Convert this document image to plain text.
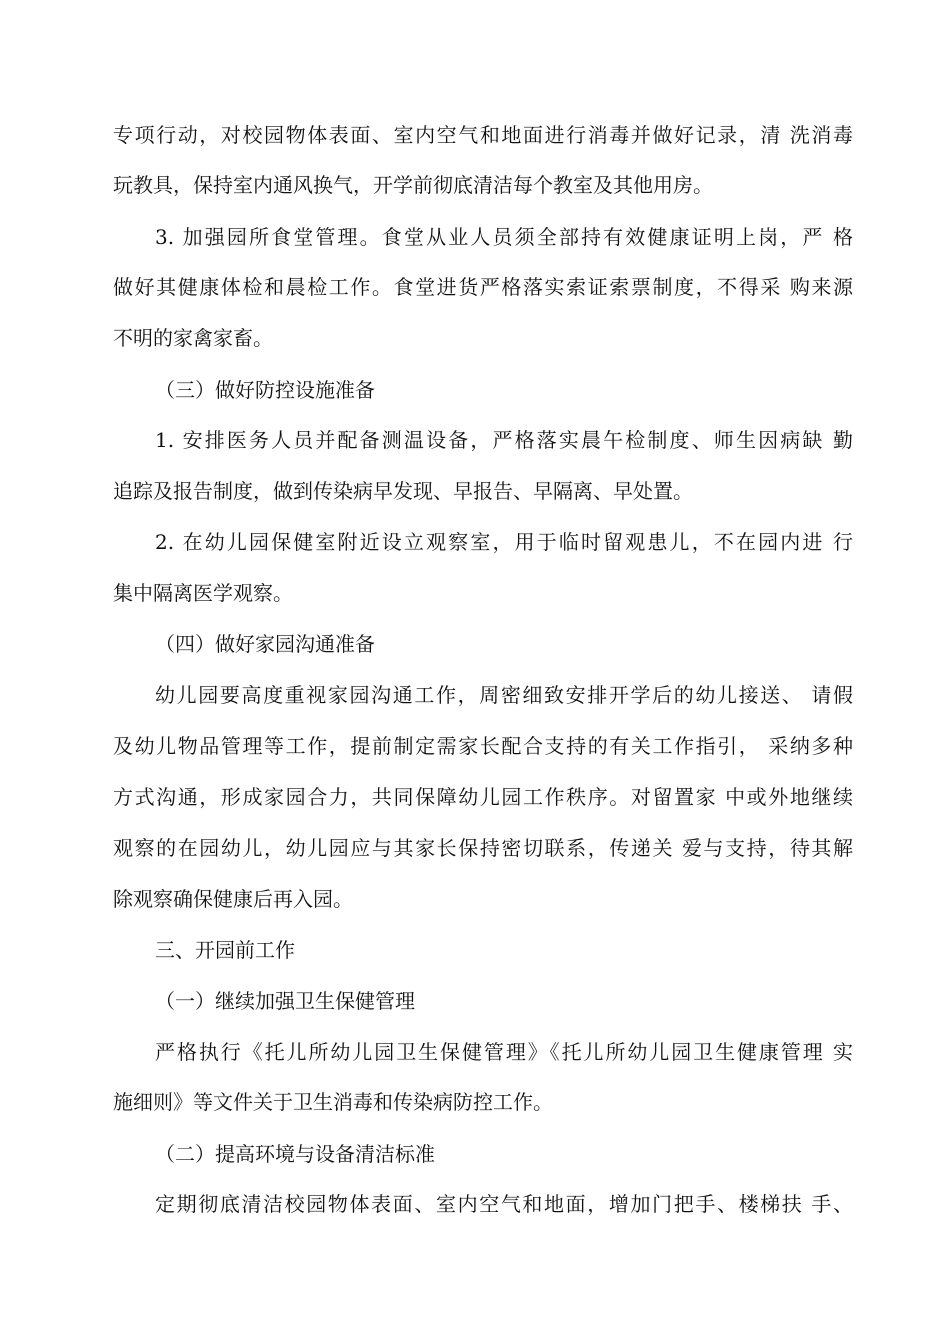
专项行动，对校园物体表面、室内空气和地面进行消毒并做好记录，清 洗消毒
玩教具，保持室内通风换气，开学前彻底清洁每个教室及其他用房。
3. 加强园所食堂管理。食堂从业人员须全部持有效健康证明上岗，严 格
做好其健康体检和晨检工作。食堂进货严格落实索证索票制度，不得采 购来源
不明的家禽家畜。
（三）做好防控设施准备
1. 安排医务人员并配备测温设备，严格落实晨午检制度、师生因病缺 勤
追踪及报告制度，做到传染病早发现、早报告、早隔离、早处置。
2. 在幼儿园保健室附近设立观察室，用于临时留观患儿，不在园内进 行
集中隔离医学观察。
（四）做好家园沟通准备
幼儿园要高度重视家园沟通工作，周密细致安排开学后的幼儿接送、 请假
及幼儿物品管理等工作，提前制定需家长配合支持的有关工作指引， 采纳多种
方式沟通，形成家园合力，共同保障幼儿园工作秩序。对留置家 中或外地继续
观察的在园幼儿，幼儿园应与其家长保持密切联系，传递关 爱与支持，待其解
除观察确保健康后再入园。
三、开园前工作
（一）继续加强卫生保健管理
严格执行《托儿所幼儿园卫生保健管理》《托儿所幼儿园卫生健康管理 实
施细则》等文件关于卫生消毒和传染病防控工作。
（二）提高环境与设备清洁标准
定期彻底清洁校园物体表面、室内空气和地面，增加门把手、楼梯扶 手、
